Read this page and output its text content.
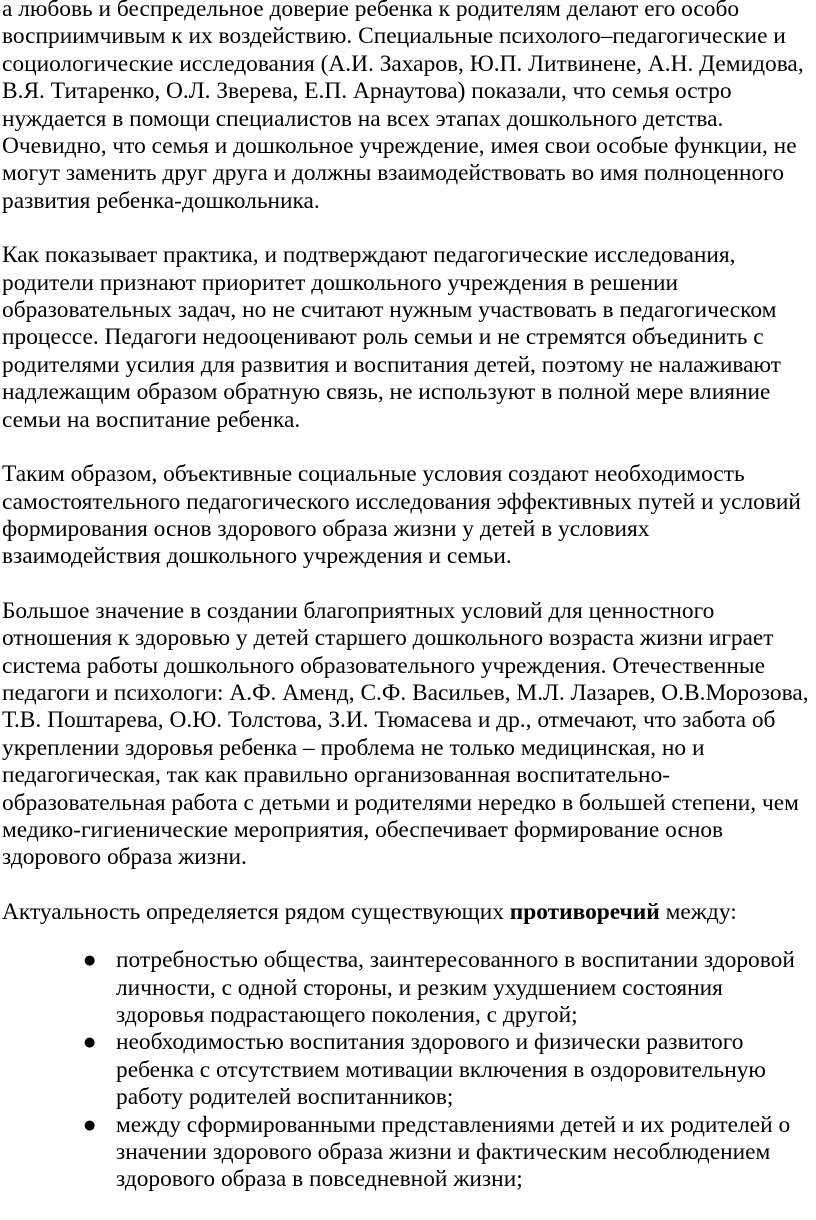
а любовь и беспредельное доверие ребенка к родителям делают его особо восприимчивым к их воздействию. Специальные психолого–педагогические и социологические исследования (А.И. Захаров, Ю.П. Литвинене, А.Н. Демидова, В.Я. Титаренко, О.Л. Зверева, Е.П. Арнаутова) показали, что семья остро нуждается в помощи специалистов на всех этапах дошкольного детства. Очевидно, что семья и дошкольное учреждение, имея свои особые функции, не могут заменить друг друга и должны взаимодействовать во имя полноценного развития ребенка-дошкольника.

Как показывает практика, и подтверждают педагогические исследования, родители признают приоритет дошкольного учреждения в решении образовательных задач, но не считают нужным участвовать в педагогическом процессе. Педагоги недооценивают роль семьи и не стремятся объединить с родителями усилия для развития и воспитания детей, поэтому не налаживают надлежащим образом обратную связь, не используют в полной мере влияние семьи на воспитание ребенка.

Таким образом, объективные социальные условия создают необходимость самостоятельного педагогического исследования эффективных путей и условий формирования основ здорового образа жизни у детей в условиях взаимодействия дошкольного учреждения и семьи.

Большое значение в создании благоприятных условий для ценностного отношения к здоровью у детей старшего дошкольного возраста жизни играет система работы дошкольного образовательного учреждения. Отечественные педагоги и психологи: А.Ф. Аменд, С.Ф. Васильев, М.Л. Лазарев, О.В.Морозова, Т.В. Поштарева, О.Ю. Толстова, З.И. Тюмасева и др., отмечают, что забота об укреплении здоровья ребенка – проблема не только медицинская, но и педагогическая, так как правильно организованная воспитательно-образовательная работа с детьми и родителями нередко в большей степени, чем медико-гигиенические мероприятия, обеспечивает формирование основ здорового образа жизни.

Актуальность определяется рядом существующих противоречий между:

● потребностью общества, заинтересованного в воспитании здоровой личности, с одной стороны, и резким ухудшением состояния здоровья подрастающего поколения, с другой;
● необходимостью воспитания здорового и физически развитого ребенка с отсутствием мотивации включения в оздоровительную работу родителей воспитанников;
● между сформированными представлениями детей и их родителей о значении здорового образа жизни и фактическим несоблюдением здорового образа в повседневной жизни;
